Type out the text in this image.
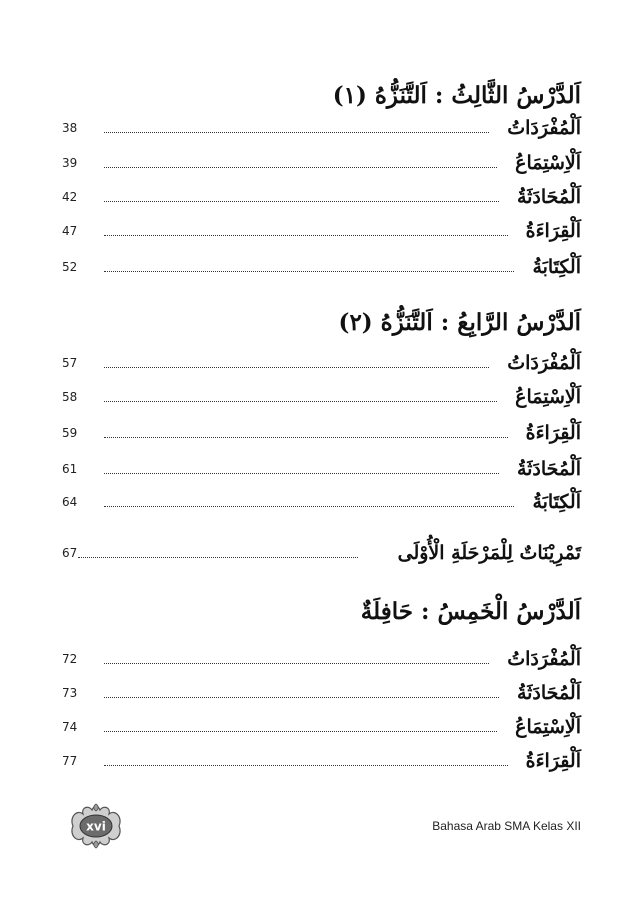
اَلدَّرْسُ الثَّالِثُ : اَلتَّنَزُّهُ (١)
38	اَلْمُفْرَدَاتُ
39	اَلْاِسْتِمَاعُ
42	اَلْمُحَادَثَةُ
47	اَلْقِرَاءَةُ
52	اَلْكِتَابَةُ
اَلدَّرْسُ الرَّابِعُ : اَلتَّنَزُّهُ (٢)
57	اَلْمُفْرَدَاتُ
58	اَلْاِسْتِمَاعُ
59	اَلْقِرَاءَةُ
61	اَلْمُحَادَثَةُ
64	اَلْكِتَابَةُ
67	تَمْرِيْنَاتٌ لِلْمَرْحَلَةِ الْأُوْلَى
اَلدَّرْسُ الْخَمِسُ : حَافِلَةٌ
72	اَلْمُفْرَدَاتُ
73	اَلْمُحَادَثَةُ
74	اَلْاِسْتِمَاعُ
77	اَلْقِرَاءَةُ
xvi	Bahasa Arab SMA Kelas XII
